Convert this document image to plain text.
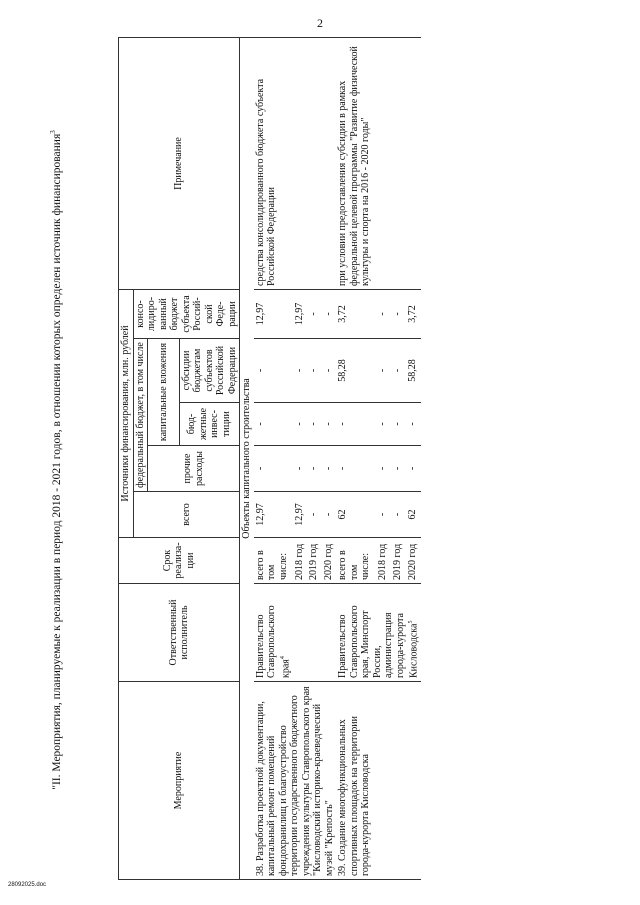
2
"II. Мероприятия, планируемые к реализации в период 2018 - 2021 годов, в отношении которых определен источник финансирования$^3$
Мероприятие	Ответственный исполнитель	Срок реализа-ции	Источники финансирования, млн. рублей					Примечание
			всего	федеральный бюджет, в том числе			консо-лидиро-ванный бюджет субъекта Россий-ской Феде-рации	
				прочие расходы	капитальные вложения			
					бюд-жетные инвес-тиции	субсидии бюджетам субъектов Российской Федерации		
Объекты капитального строительства								
38. Разработка проектной документации, капитальный ремонт помещений фондохранилищ и благоустройство территории государственного бюджетного учреждения культуры Ставропольского края "Кисловодский историко-краеведческий музей "Крепость"	Правительство Ставропольского края$^4$	всего в том числе:	12,97	-	-	-	12,97	средства консолидированного бюджета субъекта Российской Федерации
		2018 год	12,97	-	-	-	12,97	
		2019 год	-	-	-	-	-	
		2020 год	-	-	-	-	-	
39. Создание многофункциональных спортивных площадок на территории города-курорта Кисловодска	Правительство Ставропольского края, Минспорт России, администрация города-курорта Кисловодска$^5$	всего в том числе:	62	-	-	58,28	3,72	при условии предоставления субсидии в рамках федеральной целевой программы "Развитие физической культуры и спорта на 2016 - 2020 годы"
		2018 год	-	-	-	-	-	
		2019 год	-	-	-	-	-	
		2020 год	62	-	-	58,28	3,72	
28092025.doc
